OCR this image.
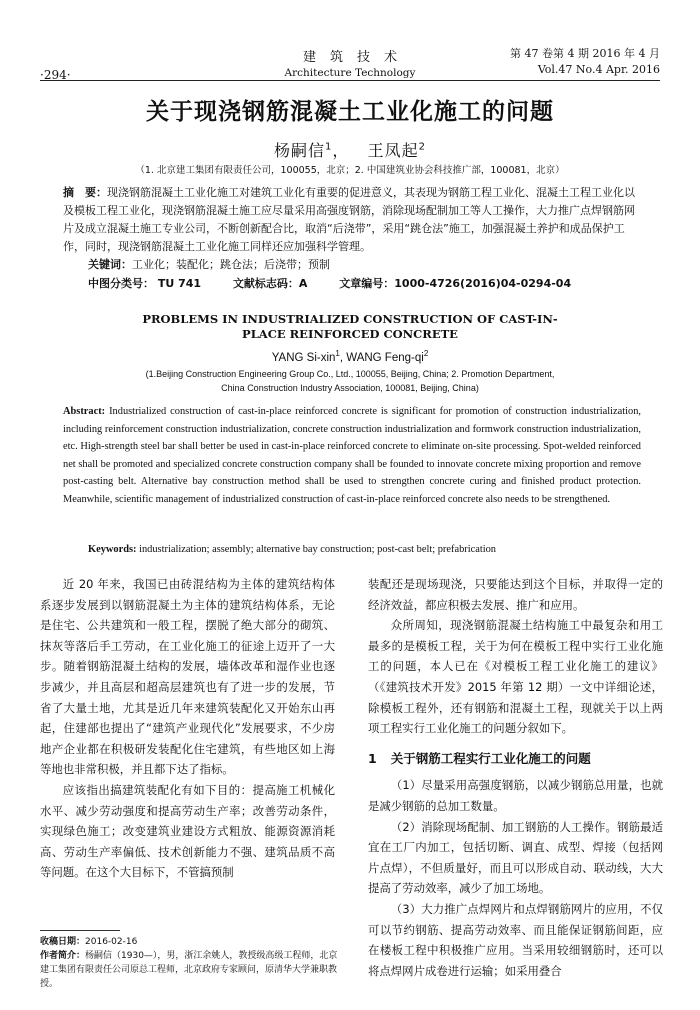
·294·
建筑技术
Architecture Technology
第 47 卷第 4 期 2016 年 4 月
Vol.47 No.4 Apr. 2016
关于现浇钢筋混凝土工业化施工的问题
杨嗣信$^1$，   王凤起$^2$
（1. 北京建工集团有限责任公司，100055，北京；2. 中国建筑业协会科技推广部，100081，北京）
摘　要：现浇钢筋混凝土工业化施工对建筑工业化有重要的促进意义，其表现为钢筋工程工业化、混凝土工程工业化以及模板工程工业化，现浇钢筋混凝土施工应尽量采用高强度钢筋，消除现场配制加工等人工操作，大力推广点焊钢筋网片及成立混凝土施工专业公司，不断创新配合比，取消“后浇带”，采用“跳仓法”施工，加强混凝土养护和成品保护工作，同时，现浇钢筋混凝土工业化施工同样还应加强科学管理。
关键词：工业化；装配化；跳仓法；后浇带；预制
中图分类号： TU 741	文献标志码：A	文章编号：1000-4726(2016)04-0294-04
PROBLEMS IN INDUSTRIALIZED CONSTRUCTION OF CAST-IN-PLACE REINFORCED CONCRETE
YANG Si-xin$^1$, WANG Feng-$qi^2$
(1.Beijing Construction Engineering Group Co., Ltd., 100055, Beijing, China; 2. Promotion Department, China Construction Industry Association, 100081, Beijing, China)
Abstract: Industrialized construction of cast-in-place reinforced concrete is significant for promotion of construction industrialization, including reinforcement construction industrialization, concrete construction industrialization and formwork construction industrialization, etc. High-strength steel bar shall better be used in cast-in-place reinforced concrete to eliminate on-site processing. Spot-welded reinforced net shall be promoted and specialized concrete construction company shall be founded to innovate concrete mixing proportion and remove post-casting belt. Alternative bay construction method shall be used to strengthen concrete curing and finished product protection. Meanwhile, scientific management of industrialized construction of cast-in-place reinforced concrete also needs to be strengthened.
Keywords: industrialization; assembly; alternative bay construction; post-cast belt; prefabrication

近 20 年来，我国已由砖混结构为主体的建筑结构体系逐步发展到以钢筋混凝土为主体的建筑结构体系，无论是住宅、公共建筑和一般工程，摆脱了绝大部分的砌筑、抹灰等落后手工劳动，在工业化施工的征途上迈开了一大步。随着钢筋混凝土结构的发展，墙体改革和湿作业也逐步减少，并且高层和超高层建筑也有了进一步的发展，节省了大量土地，尤其是近几年来建筑装配化又开始东山再起，住建部也提出了“建筑产业现代化”发展要求，不少房地产企业都在积极研发装配化住宅建筑，有些地区如上海等地也非常积极，并且都下达了指标。

应该指出搞建筑装配化有如下目的：提高施工机械化水平、减少劳动强度和提高劳动生产率；改善劳动条件，实现绿色施工；改变建筑业建设方式粗放、能源资源消耗高、劳动生产率偏低、技术创新能力不强、建筑品质不高等问题。在这个大目标下，不管搞预制

装配还是现场现浇，只要能达到这个目标，并取得一定的经济效益，都应积极去发展、推广和应用。

众所周知，现浇钢筋混凝土结构施工中最复杂和用工最多的是模板工程，关于为何在模板工程中实行工业化施工的问题，本人已在《对模板工程工业化施工的建议》（《建筑技术开发》2015 年第 12 期）一文中详细论述，除模板工程外，还有钢筋和混凝土工程，现就关于以上两项工程实行工业化施工的问题分叙如下。

1 关于钢筋工程实行工业化施工的问题

（1）尽量采用高强度钢筋，以减少钢筋总用量，也就是减少钢筋的总加工数量。

（2）消除现场配制、加工钢筋的人工操作。钢筋最适宜在工厂内加工，包括切断、调直、成型、焊接（包括网片点焊），不但质量好，而且可以形成自动、联动线，大大提高了劳动效率，减少了加工场地。

（3）大力推广点焊网片和点焊钢筋网片的应用，不仅可以节约钢筋、提高劳动效率、而且能保证钢筋间距，应在楼板工程中积极推广应用。当采用较细钢筋时，还可以将点焊网片成卷进行运输；如采用叠合

收稿日期：2016-02-16
作者简介：杨嗣信（1930—），男，浙江余姚人，教授级高级工程师，北京建工集团有限责任公司原总工程师，北京政府专家顾问，原清华大学兼职教授。
